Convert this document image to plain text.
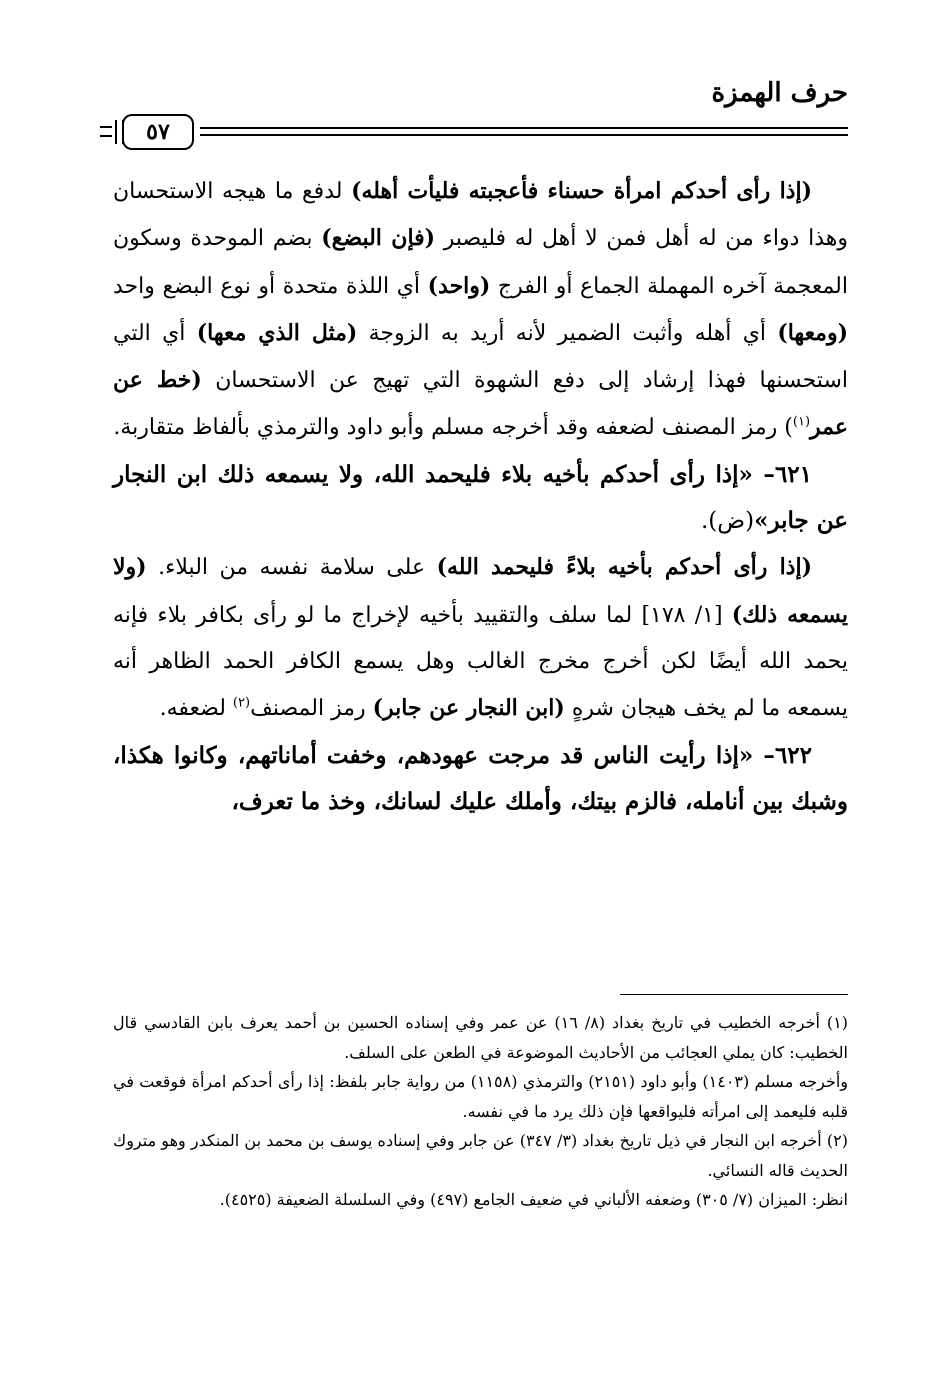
حرف الهمزة
٥٧

(إذا رأى أحدكم امرأة حسناء فأعجبته فليأت أهله) لدفع ما هيجه الاستحسان وهذا دواء من له أهل فمن لا أهل له فليصبر (فإن البضع) بضم الموحدة وسكون المعجمة آخره المهملة الجماع أو الفرج (واحد) أي اللذة متحدة أو نوع البضع واحد (ومعها) أي أهله وأثبت الضمير لأنه أريد به الزوجة (مثل الذي معها) أي التي استحسنها فهذا إرشاد إلى دفع الشهوة التي تهيج عن الاستحسان (خط عن عمر$^{(١)}$) رمز المصنف لضعفه وقد أخرجه مسلم وأبو داود والترمذي بألفاظ متقاربة.

٦٢١– «إذا رأى أحدكم بأخيه بلاء فليحمد الله، ولا يسمعه ذلك ابن النجار عن جابر»(ض).

(إذا رأى أحدكم بأخيه بلاءً فليحمد الله) على سلامة نفسه من البلاء. (ولا يسمعه ذلك) [١/ ١٧٨] لما سلف والتقييد بأخيه لإخراج ما لو رأى بكافر بلاء فإنه يحمد الله أيضًا لكن أخرج مخرج الغالب وهل يسمع الكافر الحمد الظاهر أنه يسمعه ما لم يخف هيجان شرهٍ (ابن النجار عن جابر) رمز المصنف$^{(٢)}$ لضعفه.

٦٢٢– «إذا رأيت الناس قد مرجت عهودهم، وخفت أماناتهم، وكانوا هكذا، وشبك بين أنامله، فالزم بيتك، وأملك عليك لسانك، وخذ ما تعرف،

(١) أخرجه الخطيب في تاريخ بغداد (٨/ ١٦) عن عمر وفي إسناده الحسين بن أحمد يعرف بابن القادسي قال الخطيب: كان يملي العجائب من الأحاديث الموضوعة في الطعن على السلف.

وأخرجه مسلم (١٤٠٣) وأبو داود (٢١٥١) والترمذي (١١٥٨) من رواية جابر بلفظ: إذا رأى أحدكم امرأة فوقعت في قلبه فليعمد إلى امرأته فليواقعها فإن ذلك يرد ما في نفسه.

(٢) أخرجه ابن النجار في ذيل تاريخ بغداد (٣/ ٣٤٧) عن جابر وفي إسناده يوسف بن محمد بن المنكدر وهو متروك الحديث قاله النسائي.

انظر: الميزان (٧/ ٣٠٥) وضعفه الألباني في ضعيف الجامع (٤٩٧) وفي السلسلة الضعيفة (٤٥٢٥).
